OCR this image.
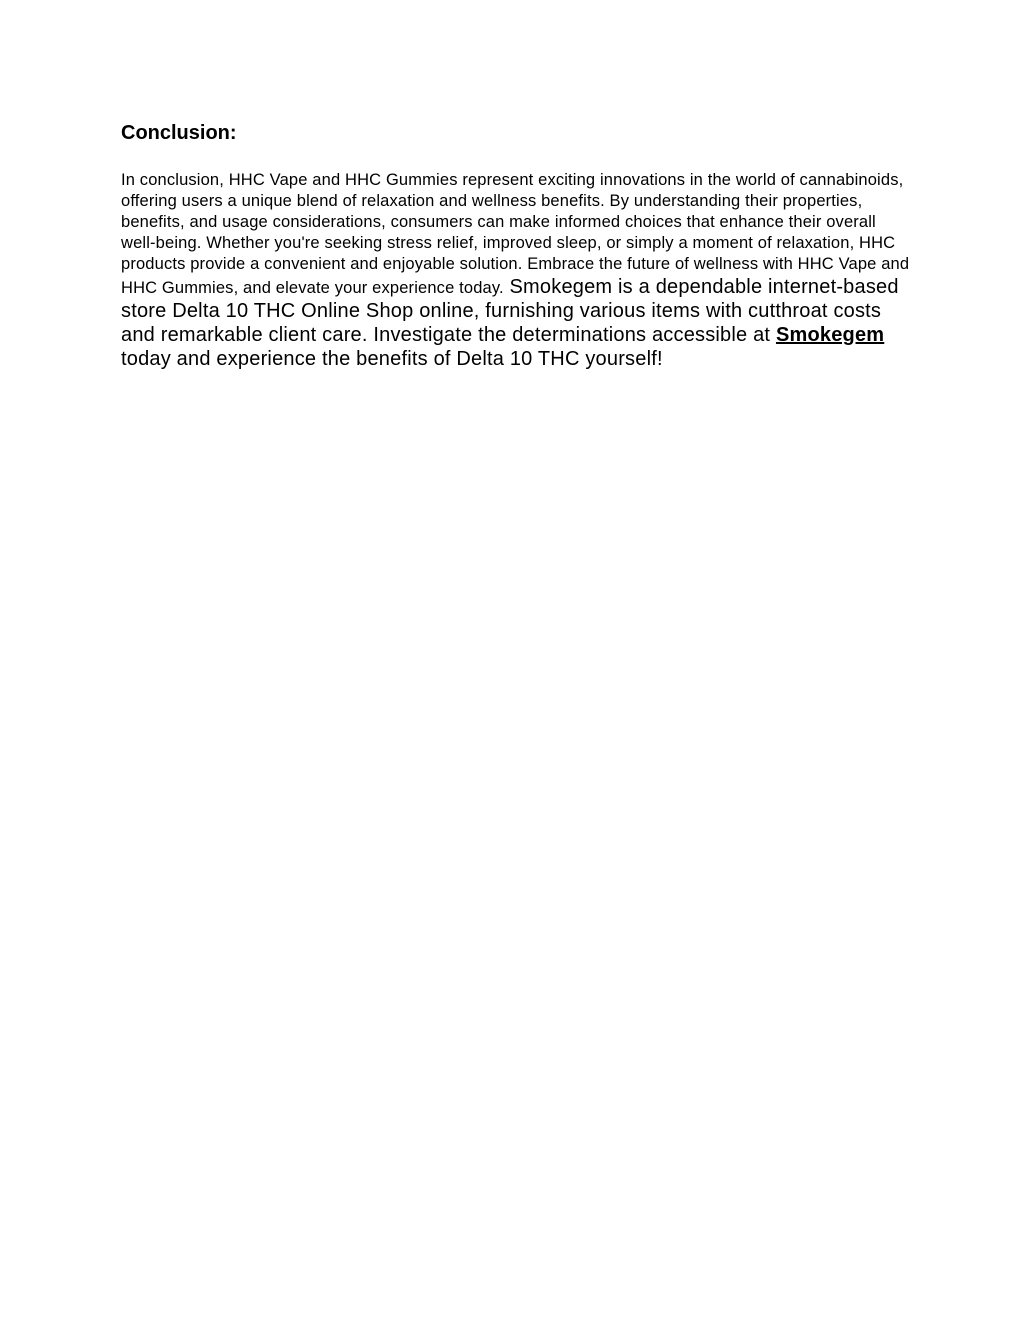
Conclusion:

In conclusion, HHC Vape and HHC Gummies represent exciting innovations in the world of cannabinoids, offering users a unique blend of relaxation and wellness benefits. By understanding their properties, benefits, and usage considerations, consumers can make informed choices that enhance their overall well-being. Whether you're seeking stress relief, improved sleep, or simply a moment of relaxation, HHC products provide a convenient and enjoyable solution. Embrace the future of wellness with HHC Vape and HHC Gummies, and elevate your experience today. Smokegem is a dependable internet-based store Delta 10 THC Online Shop online, furnishing various items with cutthroat costs and remarkable client care. Investigate the determinations accessible at Smokegem today and experience the benefits of Delta 10 THC yourself!
